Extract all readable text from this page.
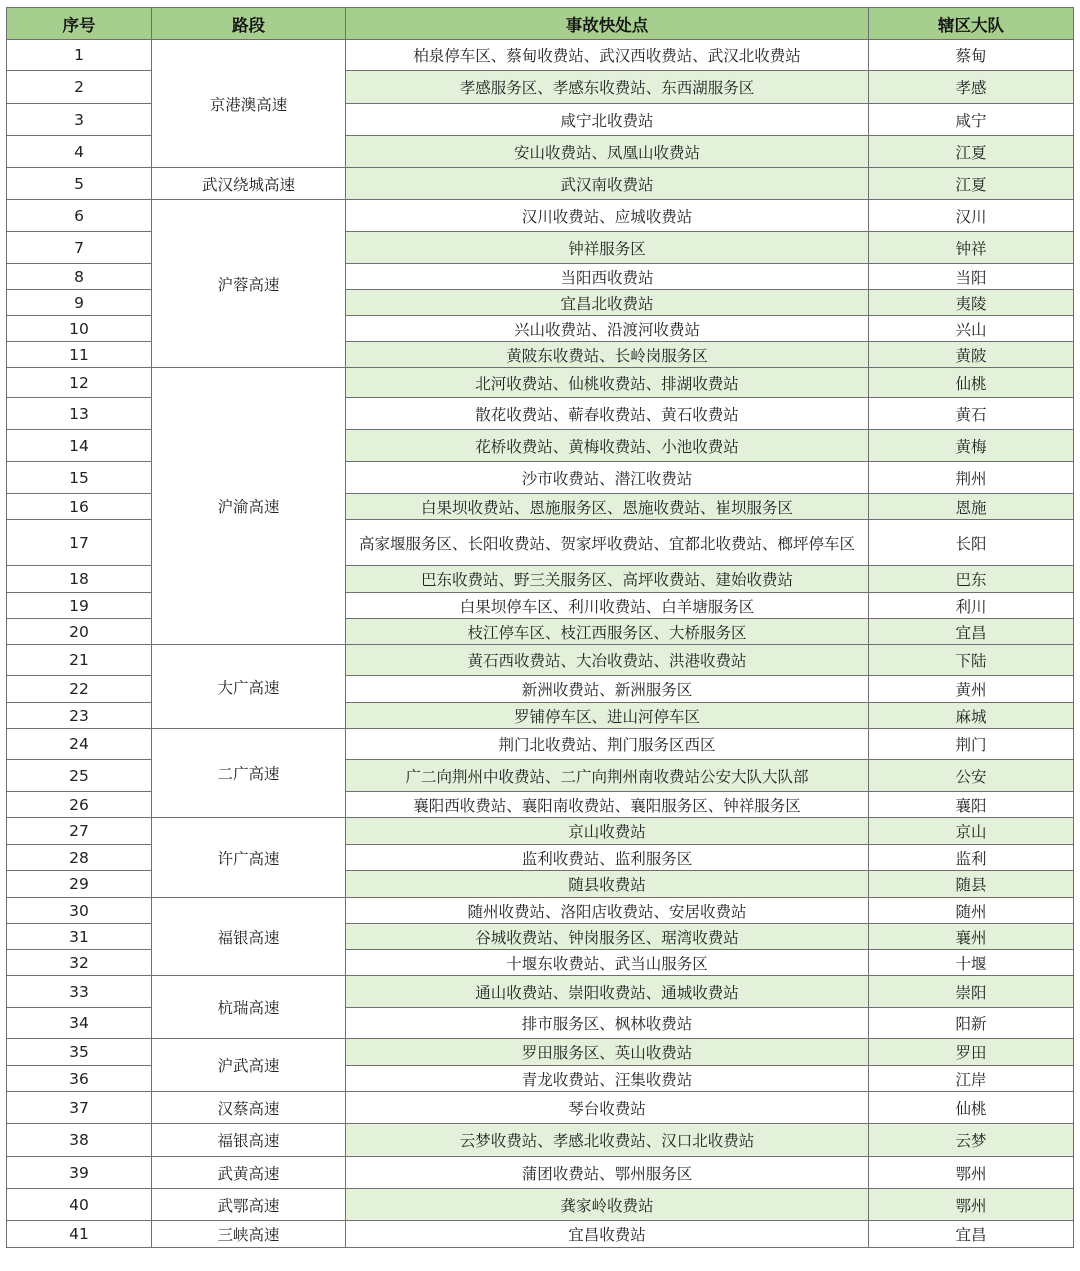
序号	路段	事故快处点	辖区大队
1	京港澳高速	柏泉停车区、蔡甸收费站、武汉西收费站、武汉北收费站	蔡甸
2		孝感服务区、孝感东收费站、东西湖服务区	孝感
3		咸宁北收费站	咸宁
4		安山收费站、凤凰山收费站	江夏
5	武汉绕城高速	武汉南收费站	江夏
6	沪蓉高速	汉川收费站、应城收费站	汉川
7		钟祥服务区	钟祥
8		当阳西收费站	当阳
9		宜昌北收费站	夷陵
10		兴山收费站、沿渡河收费站	兴山
11		黄陂东收费站、长岭岗服务区	黄陂
12	沪渝高速	北河收费站、仙桃收费站、排湖收费站	仙桃
13		散花收费站、蕲春收费站、黄石收费站	黄石
14		花桥收费站、黄梅收费站、小池收费站	黄梅
15		沙市收费站、潜江收费站	荆州
16		白果坝收费站、恩施服务区、恩施收费站、崔坝服务区	恩施
17		高家堰服务区、长阳收费站、贺家坪收费站、宜都北收费站、榔坪停车区	长阳
18		巴东收费站、野三关服务区、高坪收费站、建始收费站	巴东
19		白果坝停车区、利川收费站、白羊塘服务区	利川
20		枝江停车区、枝江西服务区、大桥服务区	宜昌
21	大广高速	黄石西收费站、大冶收费站、洪港收费站	下陆
22		新洲收费站、新洲服务区	黄州
23		罗铺停车区、进山河停车区	麻城
24	二广高速	荆门北收费站、荆门服务区西区	荆门
25		广二向荆州中收费站、二广向荆州南收费站公安大队大队部	公安
26		襄阳西收费站、襄阳南收费站、襄阳服务区、钟祥服务区	襄阳
27	许广高速	京山收费站	京山
28		监利收费站、监利服务区	监利
29		随县收费站	随县
30	福银高速	随州收费站、洛阳店收费站、安居收费站	随州
31		谷城收费站、钟岗服务区、琚湾收费站	襄州
32		十堰东收费站、武当山服务区	十堰
33	杭瑞高速	通山收费站、崇阳收费站、通城收费站	崇阳
34		排市服务区、枫林收费站	阳新
35	沪武高速	罗田服务区、英山收费站	罗田
36		青龙收费站、汪集收费站	江岸
37	汉蔡高速	琴台收费站	仙桃
38	福银高速	云梦收费站、孝感北收费站、汉口北收费站	云梦
39	武黄高速	蒲团收费站、鄂州服务区	鄂州
40	武鄂高速	龚家岭收费站	鄂州
41	三峡高速	宜昌收费站	宜昌
